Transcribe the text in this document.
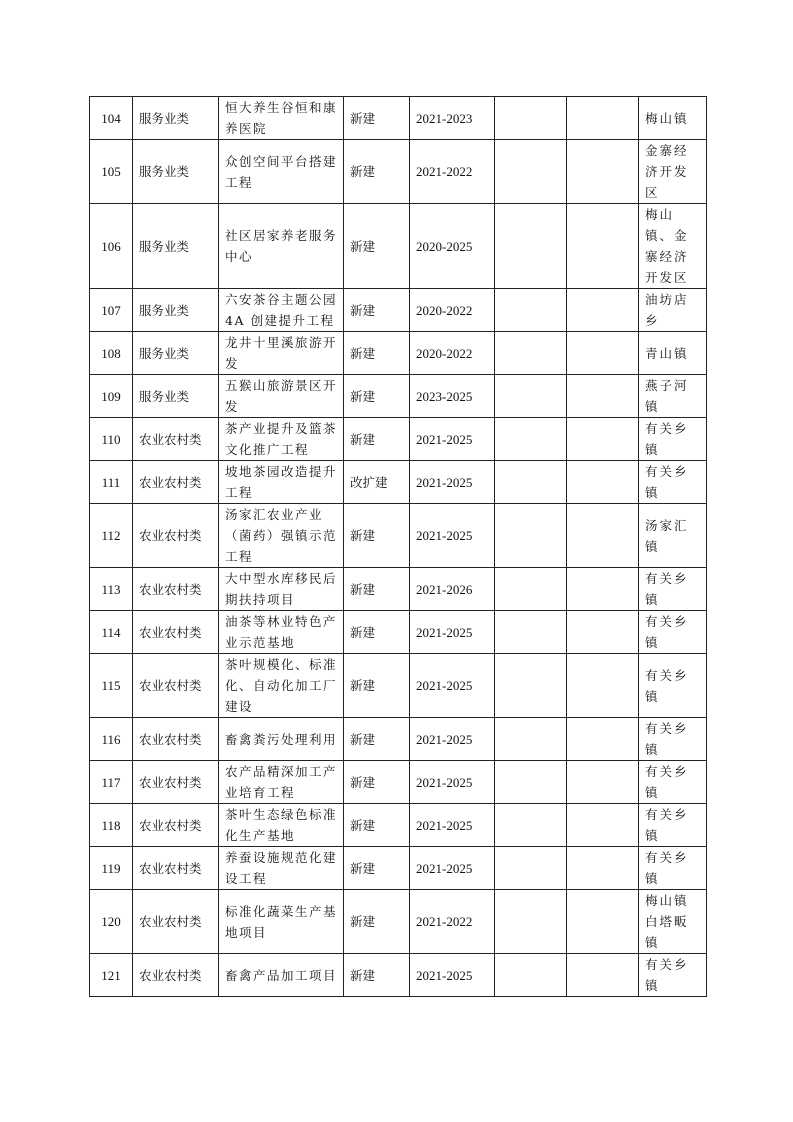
104	服务业类	恒大养生谷恒和康养医院	新建	2021-2023			梅山镇
105	服务业类	众创空间平台搭建工程	新建	2021-2022			金寨经济开发区
106	服务业类	社区居家养老服务中心	新建	2020-2025			梅山镇、金寨经济开发区
107	服务业类	六安茶谷主题公园4A 创建提升工程	新建	2020-2022			油坊店乡
108	服务业类	龙井十里溪旅游开发	新建	2020-2022			青山镇
109	服务业类	五猴山旅游景区开发	新建	2023-2025			燕子河镇
110	农业农村类	茶产业提升及篮茶文化推广工程	新建	2021-2025			有关乡镇
111	农业农村类	坡地茶园改造提升工程	改扩建	2021-2025			有关乡镇
112	农业农村类	汤家汇农业产业（菌药）强镇示范工程	新建	2021-2025			汤家汇镇
113	农业农村类	大中型水库移民后期扶持项目	新建	2021-2026			有关乡镇
114	农业农村类	油茶等林业特色产业示范基地	新建	2021-2025			有关乡镇
115	农业农村类	茶叶规模化、标准化、自动化加工厂建设	新建	2021-2025			有关乡镇
116	农业农村类	畜禽粪污处理利用	新建	2021-2025			有关乡镇
117	农业农村类	农产品精深加工产业培育工程	新建	2021-2025			有关乡镇
118	农业农村类	茶叶生态绿色标准化生产基地	新建	2021-2025			有关乡镇
119	农业农村类	养蚕设施规范化建设工程	新建	2021-2025			有关乡镇
120	农业农村类	标准化蔬菜生产基地项目	新建	2021-2022			梅山镇白塔畈镇
121	农业农村类	畜禽产品加工项目	新建	2021-2025			有关乡镇
